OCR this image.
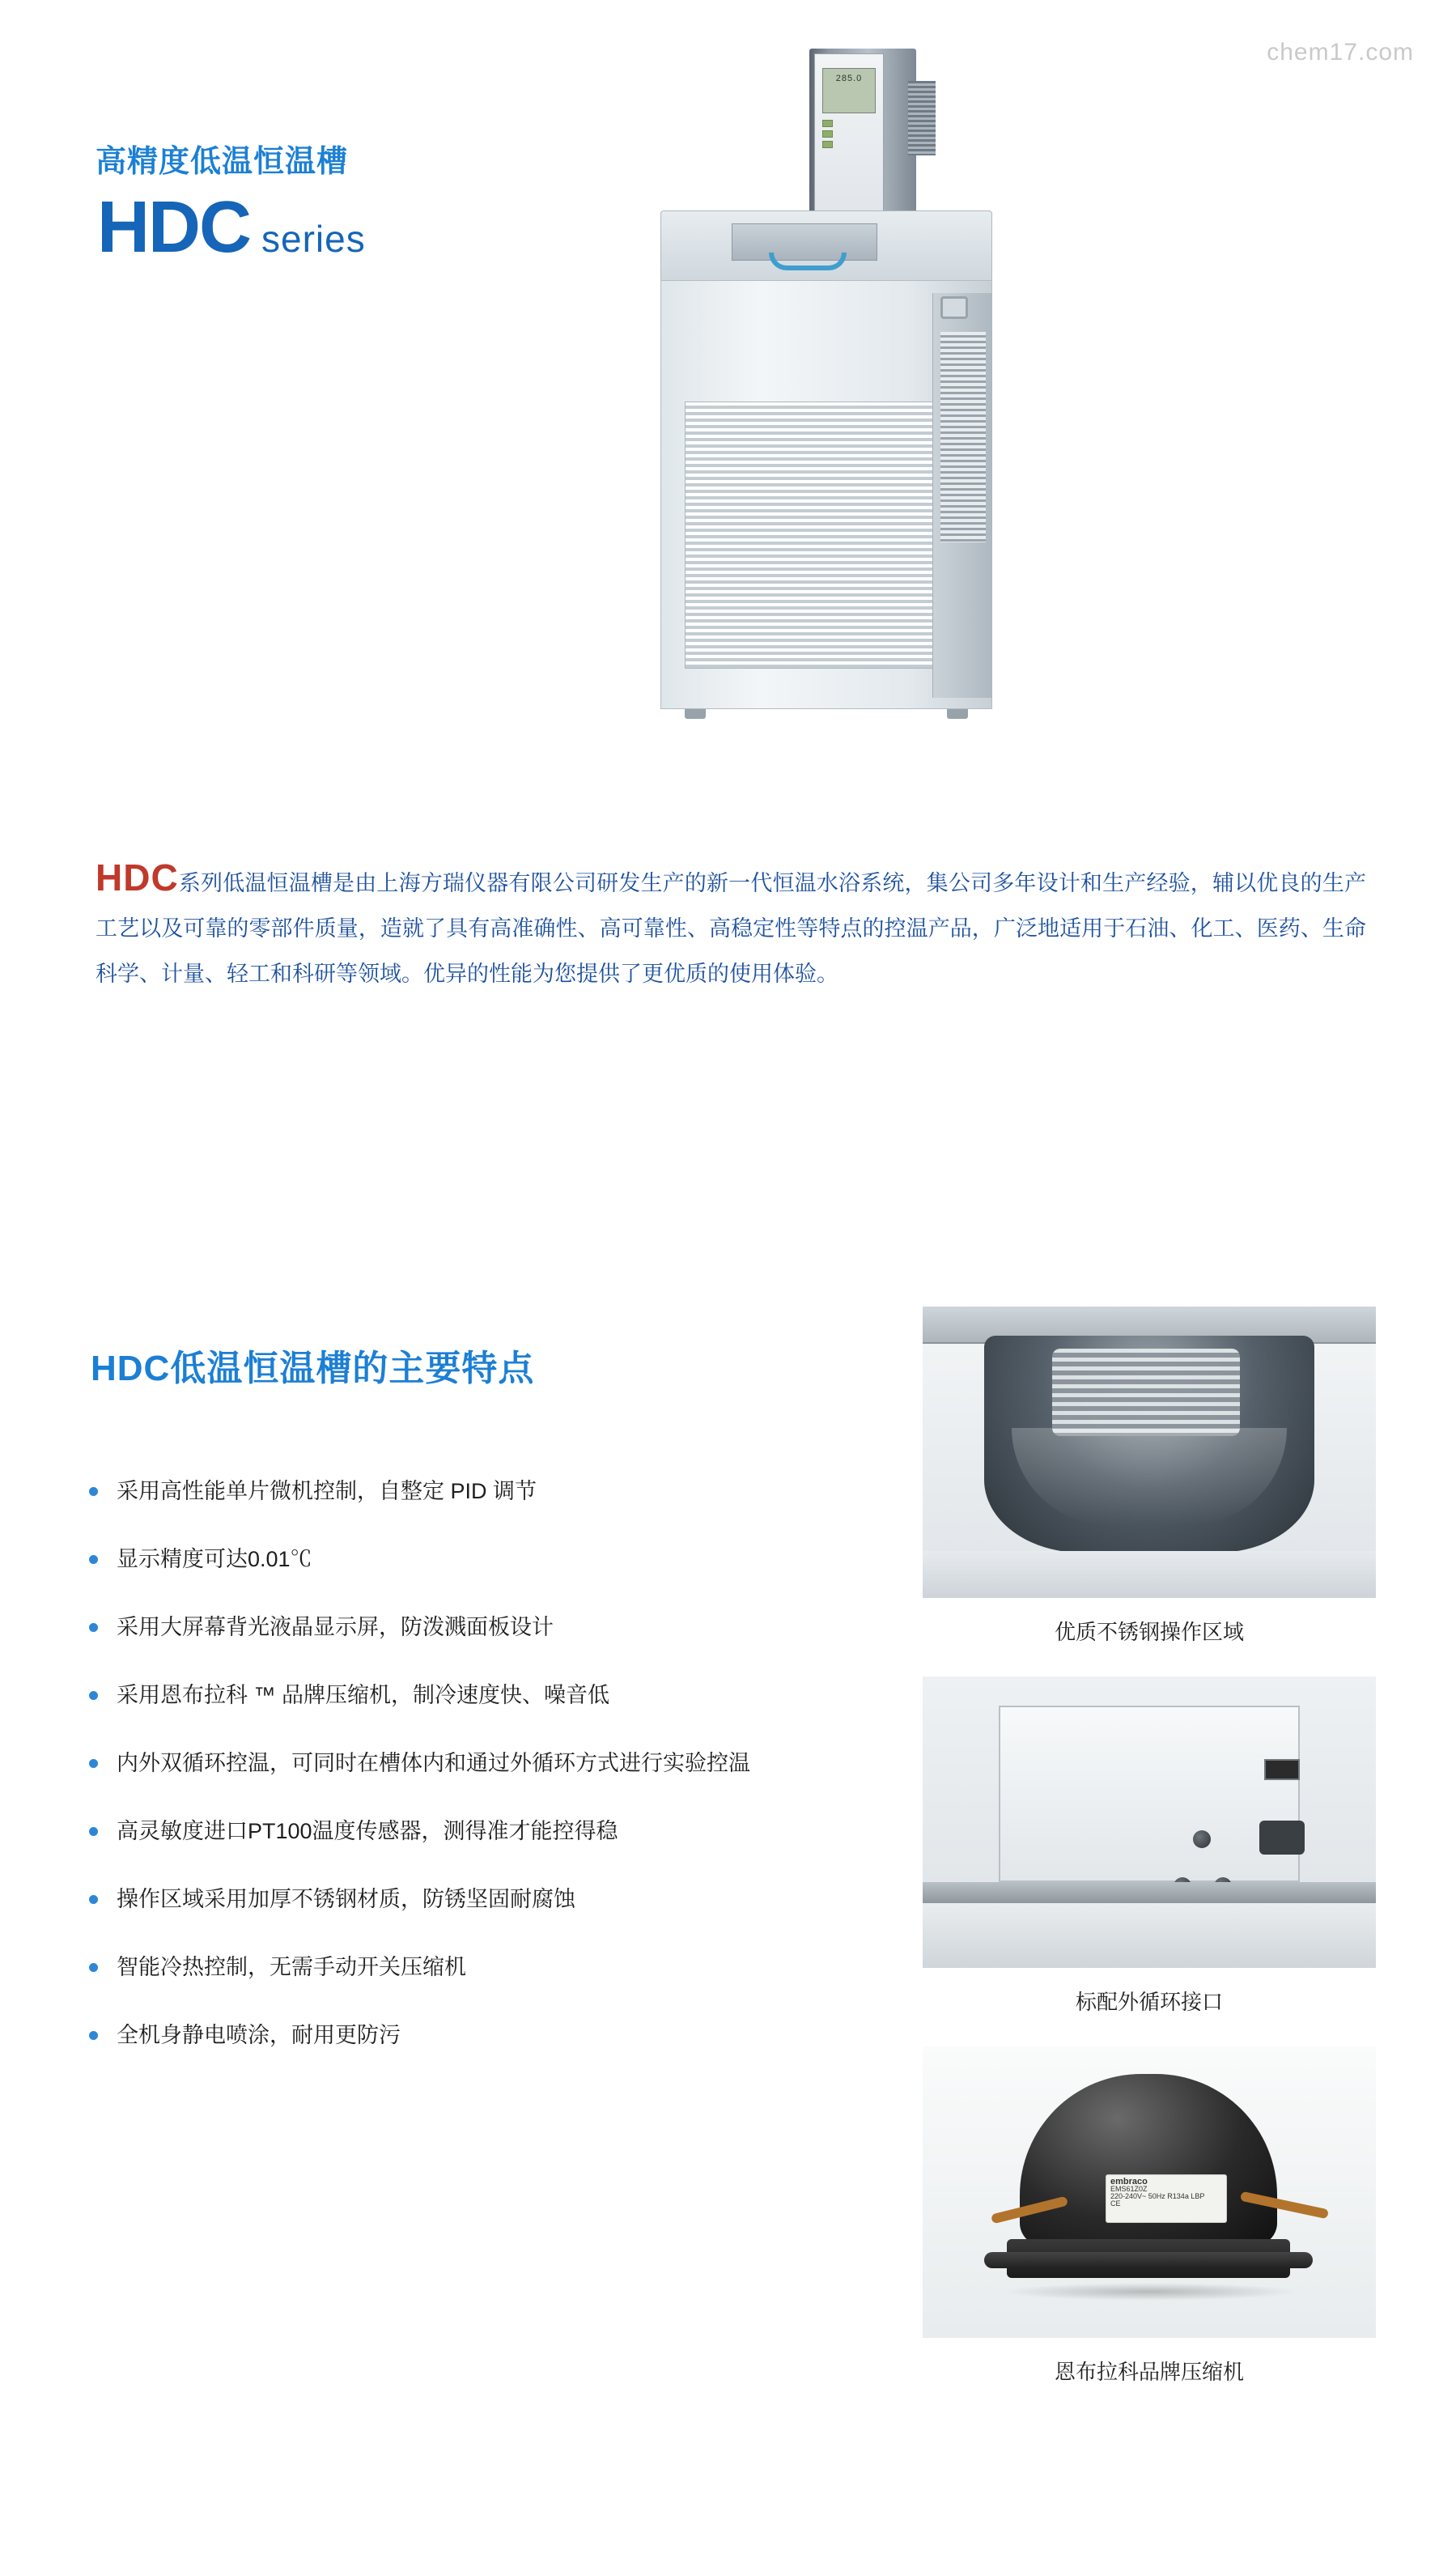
chem17.com
高精度低温恒温槽
HDC series
285.0
HDC系列低温恒温槽是由上海方瑞仪器有限公司研发生产的新一代恒温水浴系统，集公司多年设计和生产经验，辅以优良的生产工艺以及可靠的零部件质量，造就了具有高准确性、高可靠性、高稳定性等特点的控温产品，广泛地适用于石油、化工、医药、生命科学、计量、轻工和科研等领域。优异的性能为您提供了更优质的使用体验。
HDC低温恒温槽的主要特点
采用高性能单片微机控制，自整定 PID 调节
显示精度可达0.01℃
采用大屏幕背光液晶显示屏，防泼溅面板设计
采用恩布拉科 ™ 品牌压缩机，制冷速度快、噪音低
内外双循环控温，可同时在槽体内和通过外循环方式进行实验控温
高灵敏度进口PT100温度传感器，测得准才能控得稳
操作区域采用加厚不锈钢材质，防锈坚固耐腐蚀
智能冷热控制，无需手动开关压缩机
全机身静电喷涂，耐用更防污
优质不锈钢操作区域
标配外循环接口
embraco
EMS61Z0Z
220-240V~ 50Hz R134a LBP
CE
恩布拉科品牌压缩机
